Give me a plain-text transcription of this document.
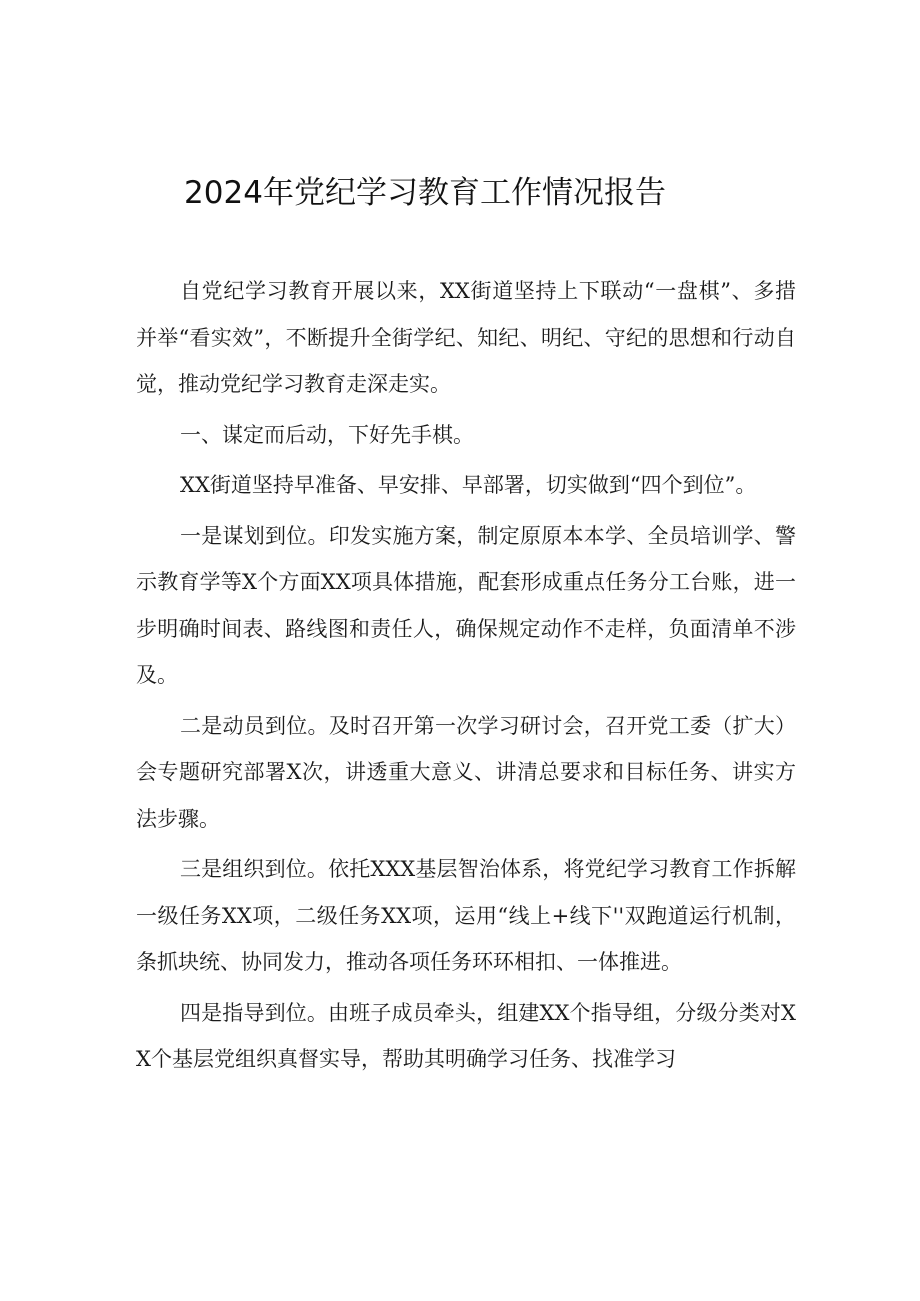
2024年党纪学习教育工作情况报告

自党纪学习教育开展以来，XX街道坚持上下联动“一盘棋”、多措并举“看实效”，不断提升全街学纪、知纪、明纪、守纪的思想和行动自觉，推动党纪学习教育走深走实。

一、谋定而后动，下好先手棋。

XX街道坚持早准备、早安排、早部署，切实做到“四个到位”。

一是谋划到位。印发实施方案，制定原原本本学、全员培训学、警示教育学等X个方面XX项具体措施，配套形成重点任务分工台账，进一步明确时间表、路线图和责任人，确保规定动作不走样，负面清单不涉及。

二是动员到位。及时召开第一次学习研讨会，召开党工委（扩大）会专题研究部署X次，讲透重大意义、讲清总要求和目标任务、讲实方法步骤。

三是组织到位。依托XXX基层智治体系，将党纪学习教育工作拆解一级任务XX项，二级任务XX项，运用“线上+线下''双跑道运行机制，条抓块统、协同发力，推动各项任务环环相扣、一体推进。

四是指导到位。由班子成员牵头，组建XX个指导组，分级分类对XX个基层党组织真督实导，帮助其明确学习任务、找准学习
